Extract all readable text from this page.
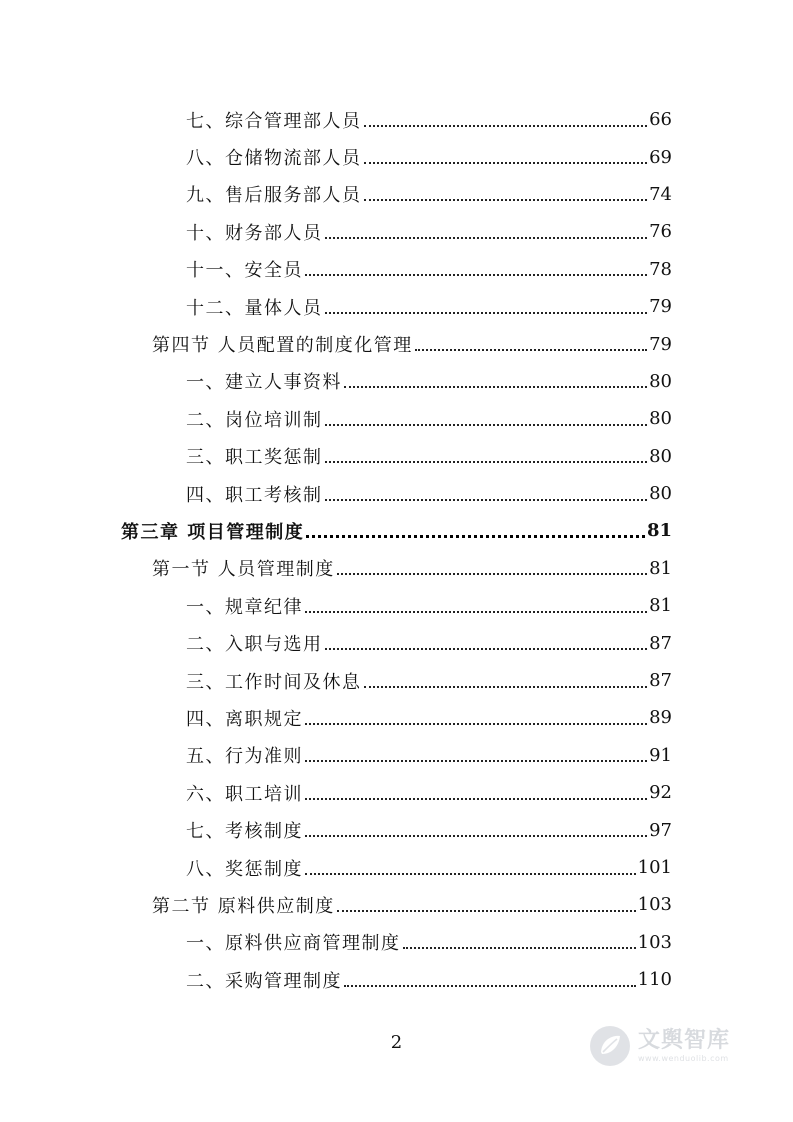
七、综合管理部人员	66
八、仓储物流部人员	69
九、售后服务部人员	74
十、财务部人员	76
十一、安全员	78
十二、量体人员	79
第四节 人员配置的制度化管理	79
一、建立人事资料	80
二、岗位培训制	80
三、职工奖惩制	80
四、职工考核制	80
第三章 项目管理制度	81
第一节 人员管理制度	81
一、规章纪律	81
二、入职与选用	87
三、工作时间及休息	87
四、离职规定	89
五、行为准则	91
六、职工培训	92
七、考核制度	97
八、奖惩制度	101
第二节 原料供应制度	103
一、原料供应商管理制度	103
二、采购管理制度	110
2	文舆智库
www.wenduolib.com
